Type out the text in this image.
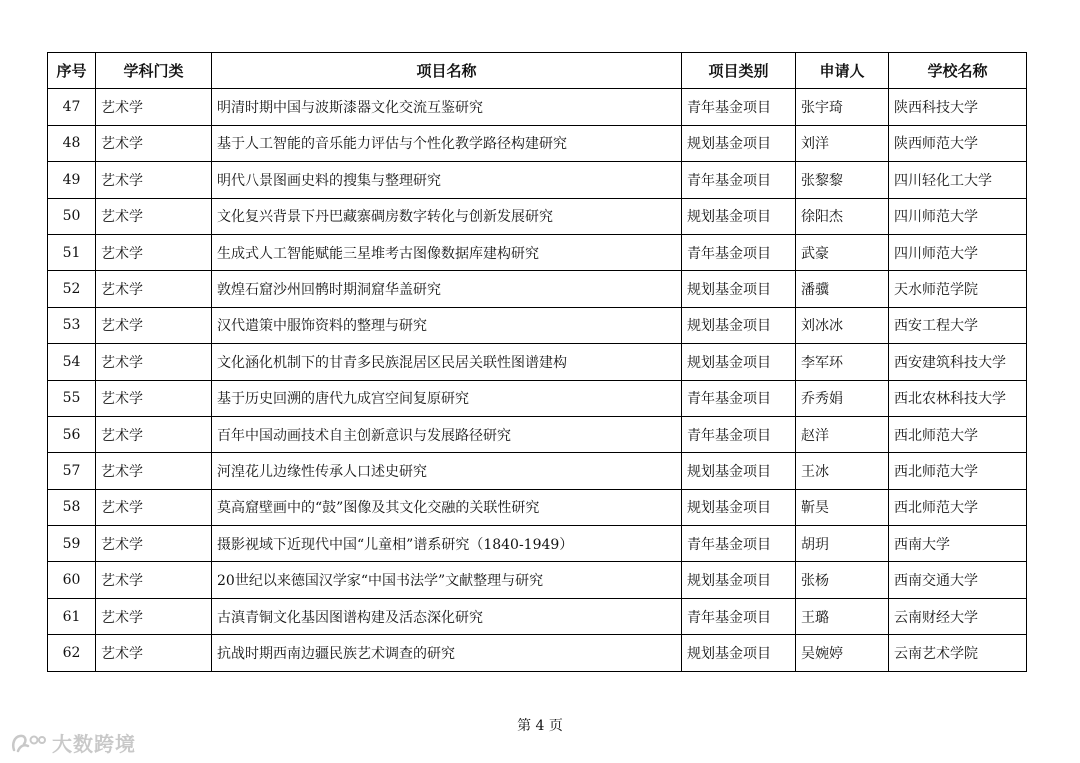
序号	学科门类	项目名称	项目类别	申请人	学校名称
47	艺术学	明清时期中国与波斯漆器文化交流互鉴研究	青年基金项目	张宇琦	陕西科技大学
48	艺术学	基于人工智能的音乐能力评估与个性化教学路径构建研究	规划基金项目	刘洋	陕西师范大学
49	艺术学	明代八景图画史料的搜集与整理研究	青年基金项目	张黎黎	四川轻化工大学
50	艺术学	文化复兴背景下丹巴藏寨碉房数字转化与创新发展研究	规划基金项目	徐阳杰	四川师范大学
51	艺术学	生成式人工智能赋能三星堆考古图像数据库建构研究	青年基金项目	武豪	四川师范大学
52	艺术学	敦煌石窟沙州回鹘时期洞窟华盖研究	规划基金项目	潘骥	天水师范学院
53	艺术学	汉代遣策中服饰资料的整理与研究	规划基金项目	刘冰冰	西安工程大学
54	艺术学	文化涵化机制下的甘青多民族混居区民居关联性图谱建构	规划基金项目	李军环	西安建筑科技大学
55	艺术学	基于历史回溯的唐代九成宫空间复原研究	青年基金项目	乔秀娟	西北农林科技大学
56	艺术学	百年中国动画技术自主创新意识与发展路径研究	青年基金项目	赵洋	西北师范大学
57	艺术学	河湟花儿边缘性传承人口述史研究	规划基金项目	王冰	西北师范大学
58	艺术学	莫高窟壁画中的“鼓”图像及其文化交融的关联性研究	规划基金项目	靳昊	西北师范大学
59	艺术学	摄影视域下近现代中国“儿童相”谱系研究（1840-1949）	青年基金项目	胡玥	西南大学
60	艺术学	20世纪以来德国汉学家“中国书法学”文献整理与研究	规划基金项目	张杨	西南交通大学
61	艺术学	古滇青铜文化基因图谱构建及活态深化研究	青年基金项目	王璐	云南财经大学
62	艺术学	抗战时期西南边疆民族艺术调查的研究	规划基金项目	吴婉婷	云南艺术学院
第 4 页
大数跨境
